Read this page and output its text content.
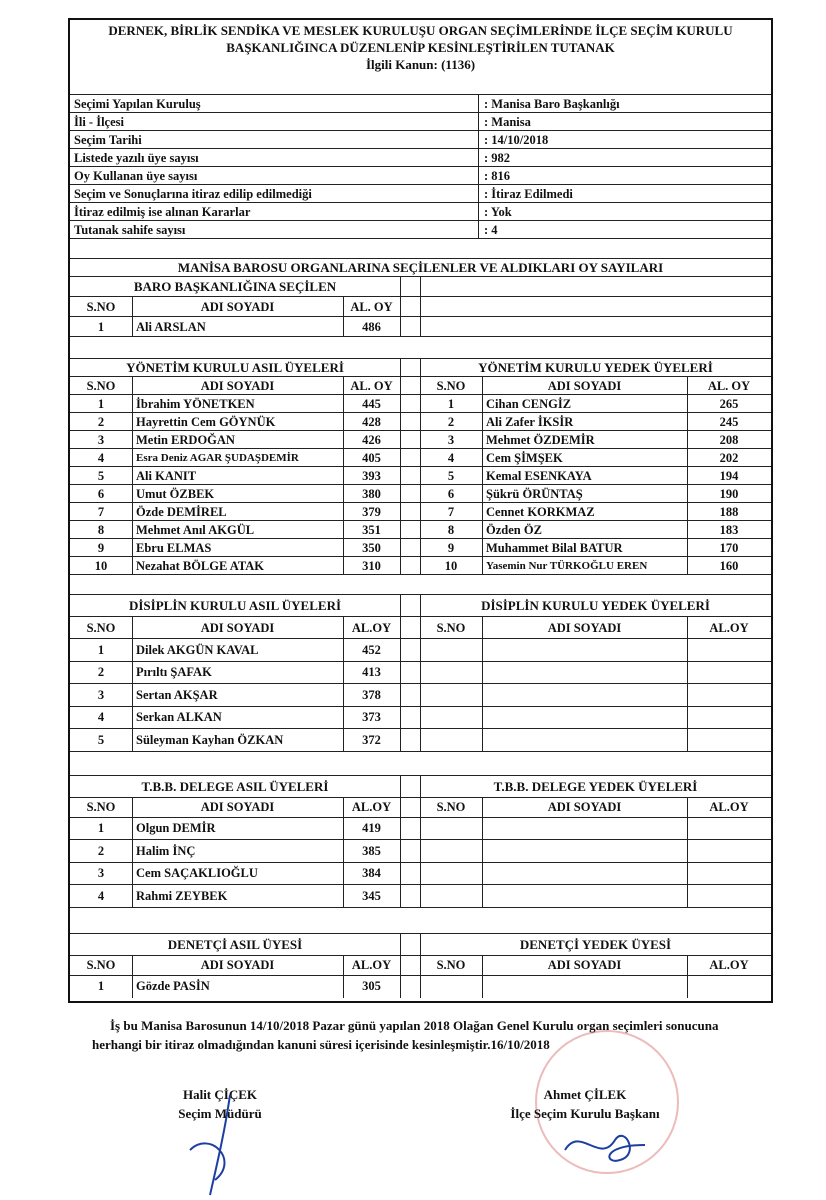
DERNEK, BİRLİK SENDİKA VE MESLEK KURULUŞU ORGAN SEÇİMLERİNDE İLÇE SEÇİM KURULU
BAŞKANLIĞINCA DÜZENLENİP KESİNLEŞTİRİLEN TUTANAK
İlgili Kanun: (1136)
Seçimi Yapılan Kuruluş	: Manisa Baro Başkanlığı
İli - İlçesi	: Manisa
Seçim Tarihi	: 14/10/2018
Listede yazılı üye sayısı	: 982
Oy Kullanan üye sayısı	: 816
Seçim ve Sonuçlarına itiraz edilip edilmediği	: İtiraz Edilmedi
İtiraz edilmiş ise alınan Kararlar	: Yok
Tutanak sahife sayısı	: 4
MANİSA BAROSU ORGANLARINA SEÇİLENLER VE ALDIKLARI OY SAYILARI
BARO BAŞKANLIĞINA SEÇİLEN
S.NO	ADI SOYADI	AL. OY
1	Ali ARSLAN	486
YÖNETİM KURULU ASIL ÜYELERİ	YÖNETİM KURULU YEDEK ÜYELERİ
S.NO	ADI SOYADI	AL. OY	S.NO	ADI SOYADI	AL. OY
1	İbrahim YÖNETKEN	445	1	Cihan CENGİZ	265
2	Hayrettin Cem GÖYNÜK	428	2	Ali Zafer İKSİR	245
3	Metin ERDOĞAN	426	3	Mehmet ÖZDEMİR	208
4	Esra Deniz AGAR ŞUDAŞDEMİR	405	4	Cem ŞİMŞEK	202
5	Ali KANIT	393	5	Kemal ESENKAYA	194
6	Umut ÖZBEK	380	6	Şükrü ÖRÜNTAŞ	190
7	Özde DEMİREL	379	7	Cennet KORKMAZ	188
8	Mehmet Anıl AKGÜL	351	8	Özden ÖZ	183
9	Ebru ELMAS	350	9	Muhammet Bilal BATUR	170
10	Nezahat BÖLGE ATAK	310	10	Yasemin Nur TÜRKOĞLU EREN	160
DİSİPLİN KURULU ASIL ÜYELERİ	DİSİPLİN KURULU YEDEK ÜYELERİ
S.NO	ADI SOYADI	AL.OY	S.NO	ADI SOYADI	AL.OY
1	Dilek AKGÜN KAVAL	452
2	Pırıltı ŞAFAK	413
3	Sertan AKŞAR	378
4	Serkan ALKAN	373
5	Süleyman Kayhan ÖZKAN	372
T.B.B. DELEGE ASIL ÜYELERİ	T.B.B. DELEGE YEDEK ÜYELERİ
S.NO	ADI SOYADI	AL.OY	S.NO	ADI SOYADI	AL.OY
1	Olgun DEMİR	419
2	Halim İNÇ	385
3	Cem SAÇAKLIOĞLU	384
4	Rahmi ZEYBEK	345
DENETÇİ ASIL ÜYESİ	DENETÇİ YEDEK ÜYESİ
S.NO	ADI SOYADI	AL.OY	S.NO	ADI SOYADI	AL.OY
1	Gözde PASİN	305
İş bu Manisa Barosunun 14/10/2018 Pazar günü yapılan 2018 Olağan Genel Kurulu organ seçimleri sonucuna herhangi bir itiraz olmadığından kanuni süresi içerisinde kesinleşmiştir.16/10/2018
Halit ÇİÇEK
Seçim Müdürü
Ahmet ÇİLEK
İlçe Seçim Kurulu Başkanı
